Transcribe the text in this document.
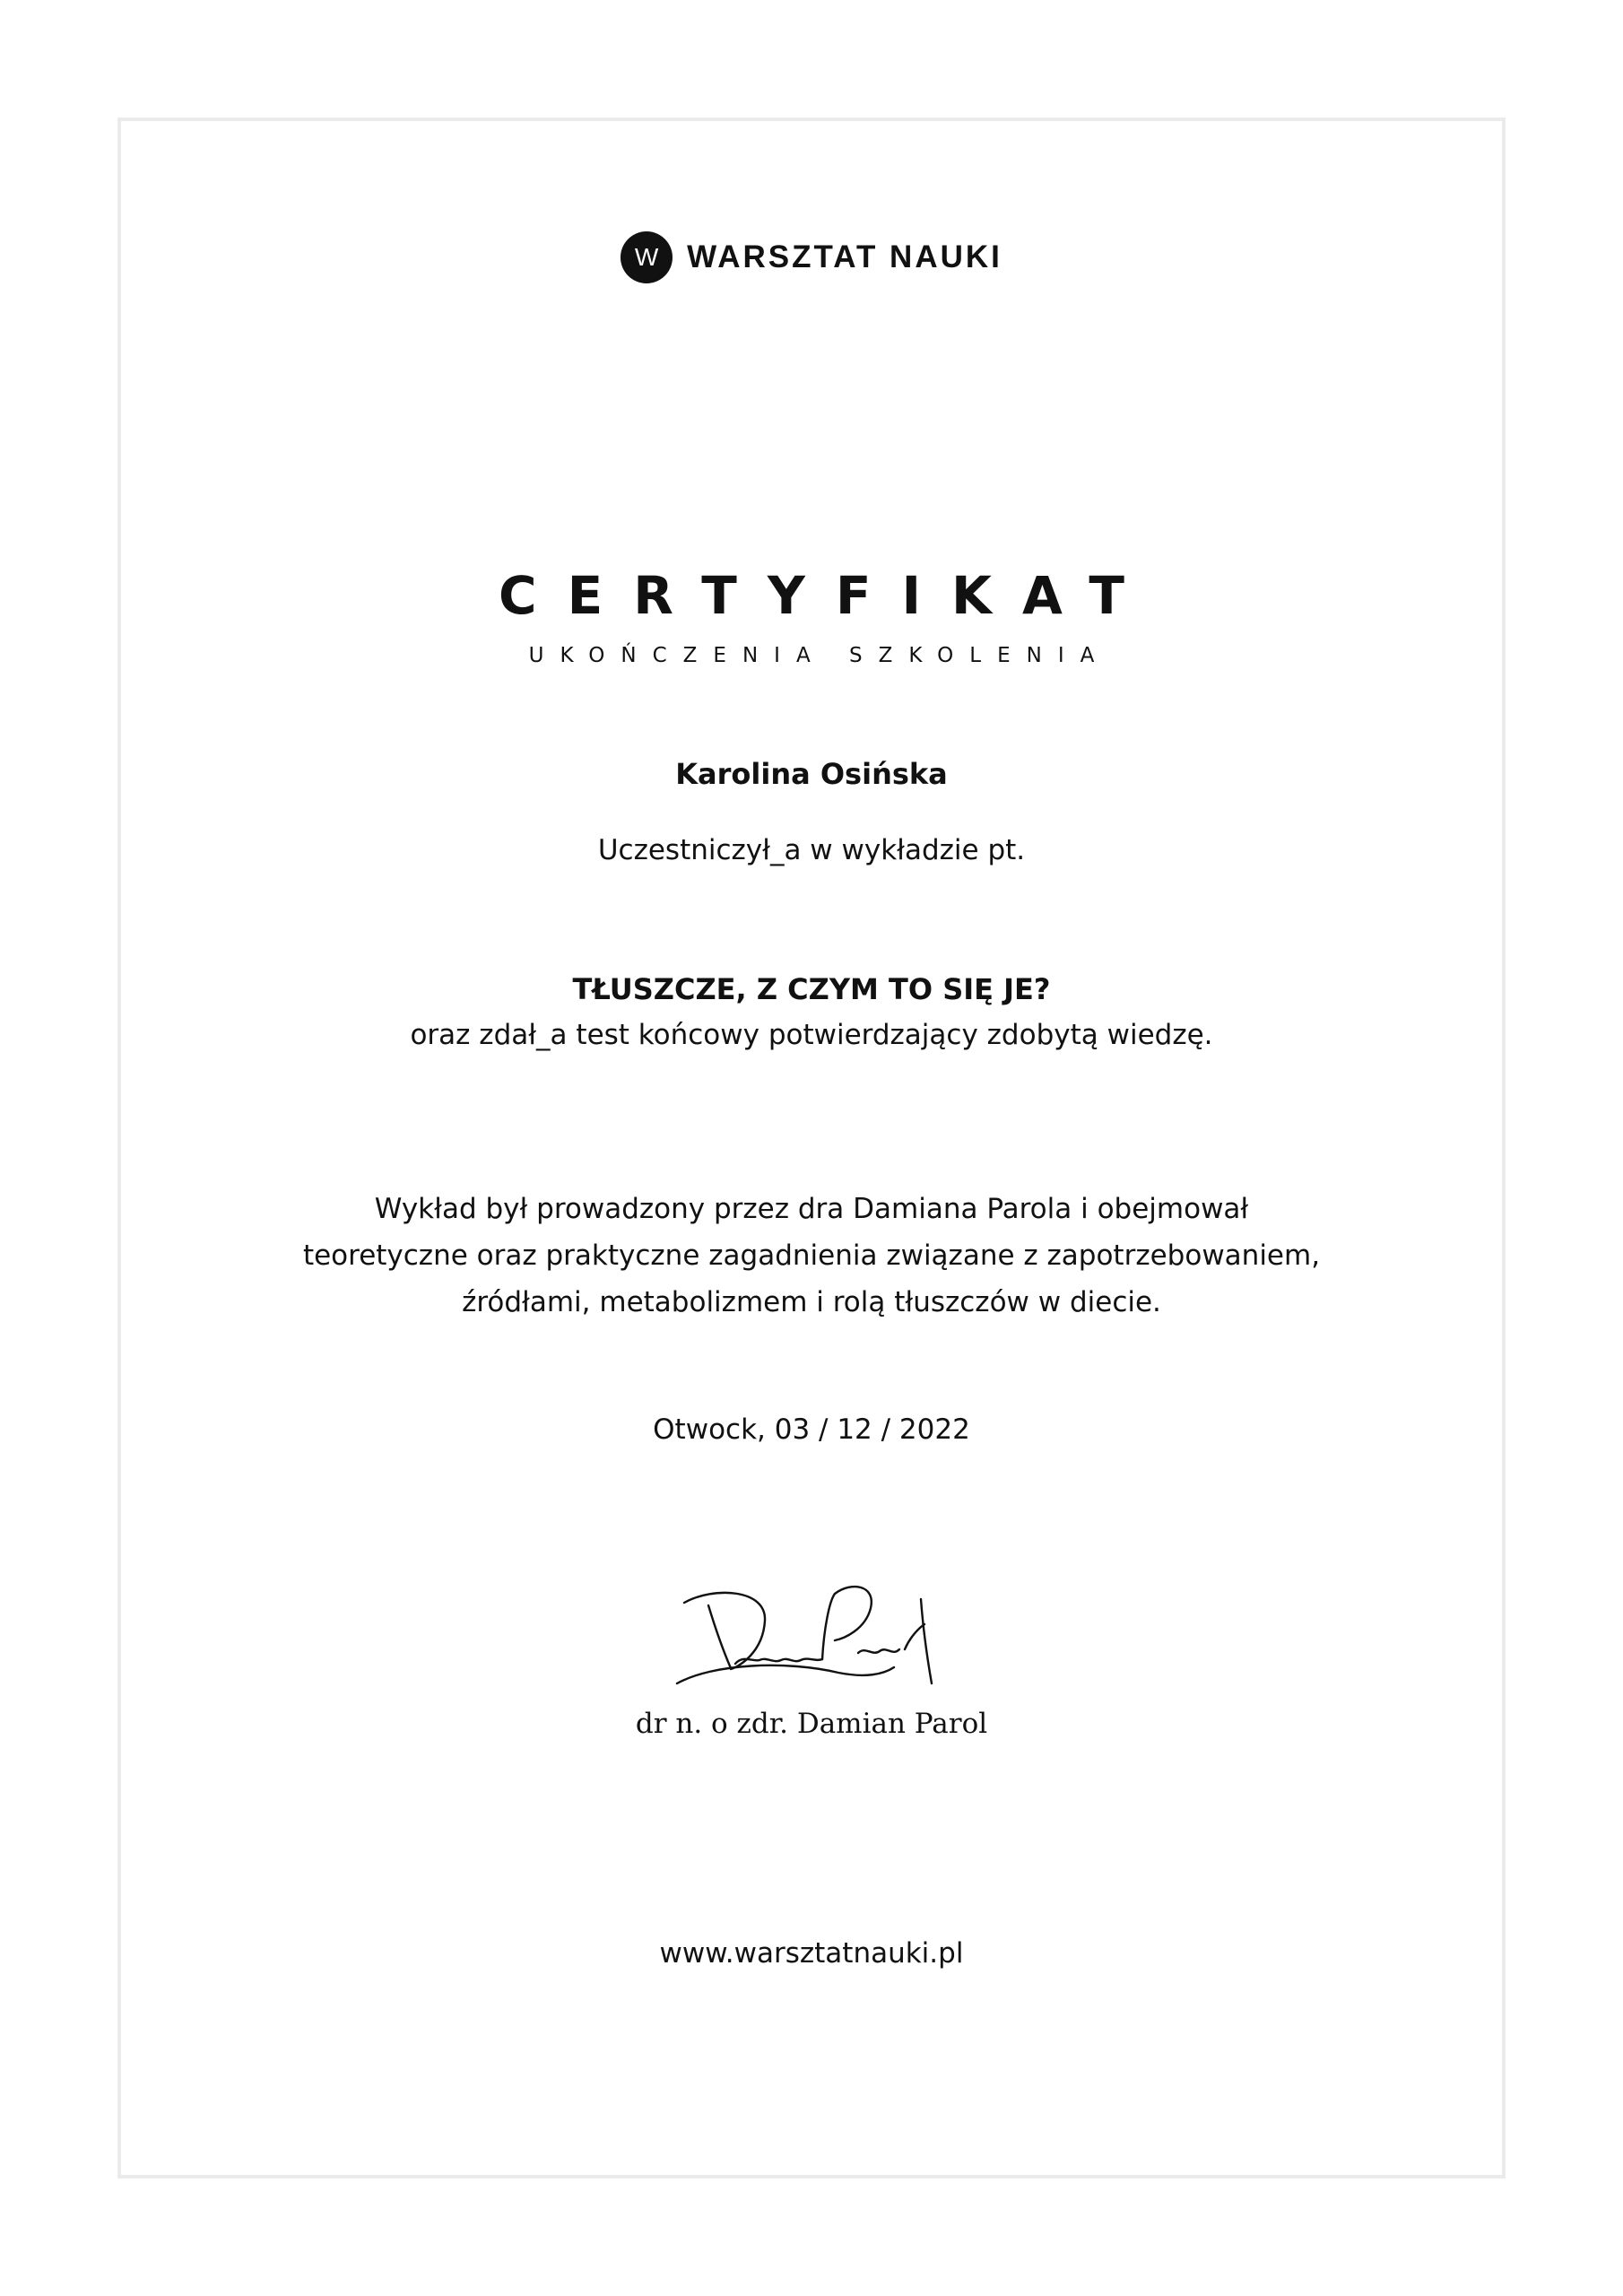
W WARSZTAT NAUKI
CERTYFIKAT
UKOŃCZENIA SZKOLENIA
Karolina Osińska
Uczestniczył_a w wykładzie pt.
TŁUSZCZE, Z CZYM TO SIĘ JE?
oraz zdał_a test końcowy potwierdzający zdobytą wiedzę.
Wykład był prowadzony przez dra Damiana Parola i obejmował
teoretyczne oraz praktyczne zagadnienia związane z zapotrzebowaniem,
źródłami, metabolizmem i rolą tłuszczów w diecie.
Otwock, 03 / 12 / 2022
dr n. o zdr. Damian Parol
www.warsztatnauki.pl
